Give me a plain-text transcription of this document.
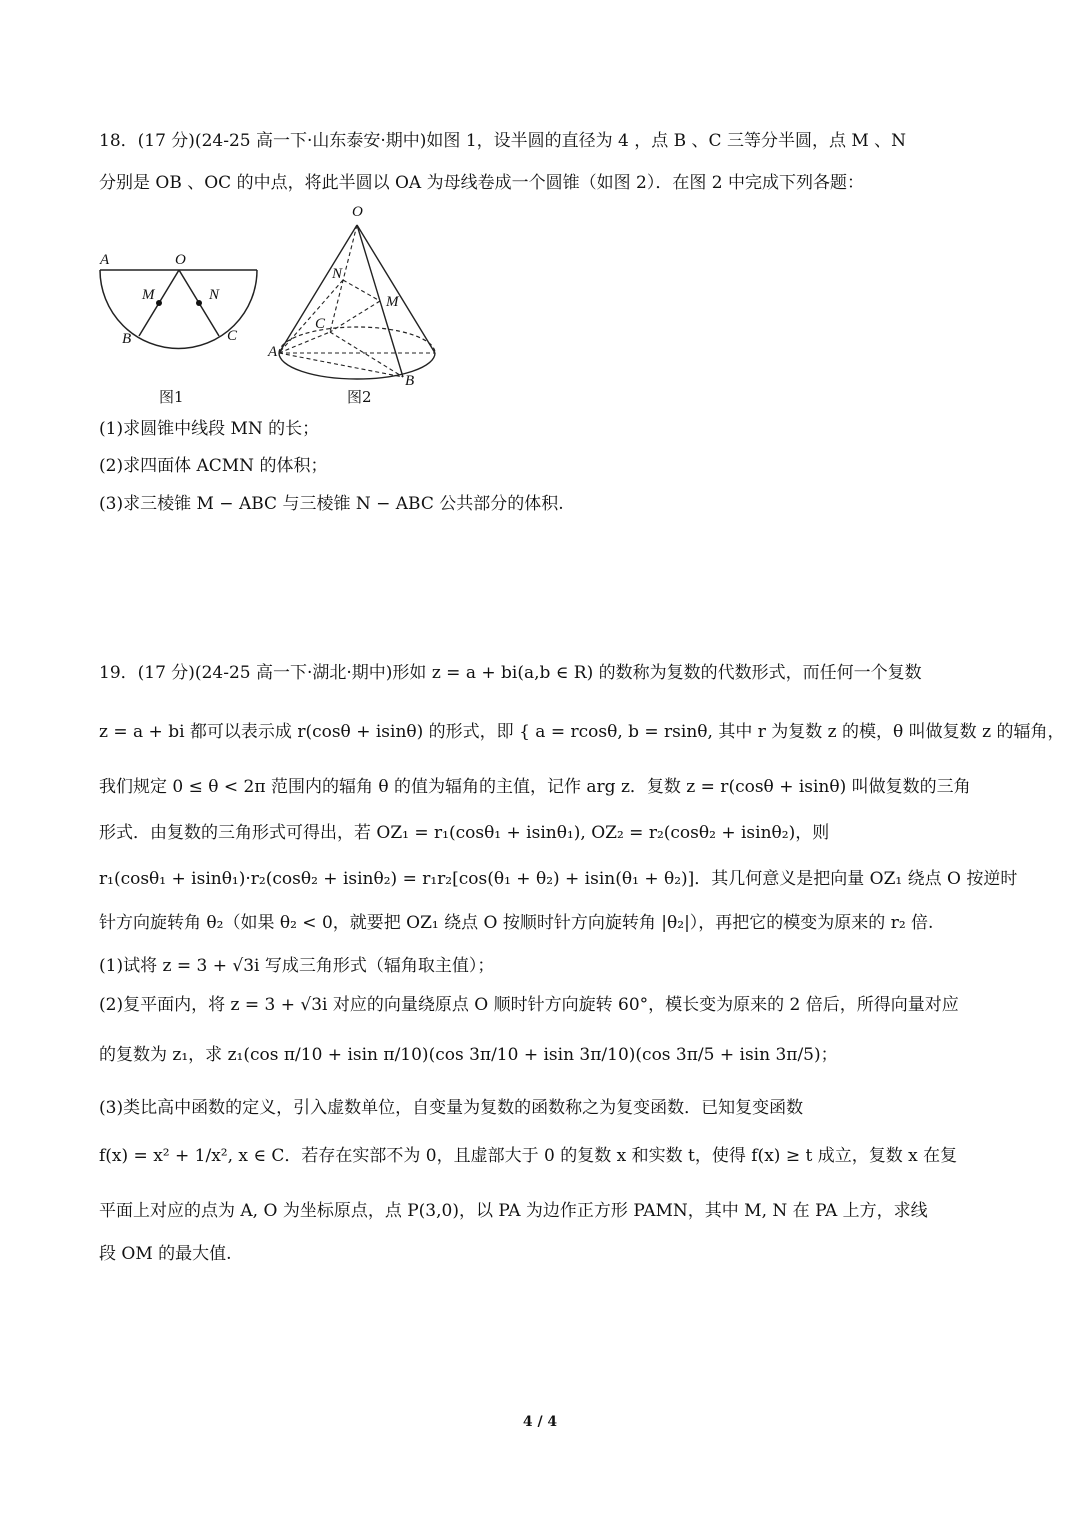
18．(17 分)(24-25 高一下·山东泰安·期中)如图 1，设半圆的直径为 4 ，点 B 、C 三等分半圆，点 M 、N
分别是 OB 、OC 的中点，将此半圆以 OA 为母线卷成一个圆锥（如图 2）．在图 2 中完成下列各题：
A	O
M	N
B	C
图1
O
N
M
C
A
B
图2
(1)求圆锥中线段 MN 的长；
(2)求四面体 ACMN 的体积；
(3)求三棱锥 M − ABC 与三棱锥 N − ABC 公共部分的体积.
19．(17 分)(24-25 高一下·湖北·期中)形如 z = a + bi(a,b ∈ R) 的数称为复数的代数形式，而任何一个复数
z = a + bi 都可以表示成 r(cosθ + isinθ) 的形式，即 { a = rcosθ, b = rsinθ, 其中 r 为复数 z 的模，θ 叫做复数 z 的辐角，
我们规定 0 ≤ θ < 2π 范围内的辐角 θ 的值为辐角的主值，记作 arg z．复数 z = r(cosθ + isinθ) 叫做复数的三角
形式．由复数的三角形式可得出，若 OZ₁ = r₁(cosθ₁ + isinθ₁), OZ₂ = r₂(cosθ₂ + isinθ₂)，则
r₁(cosθ₁ + isinθ₁)·r₂(cosθ₂ + isinθ₂) = r₁r₂[cos(θ₁ + θ₂) + isin(θ₁ + θ₂)]．其几何意义是把向量 OZ₁ 绕点 O 按逆时
针方向旋转角 θ₂（如果 θ₂ < 0，就要把 OZ₁ 绕点 O 按顺时针方向旋转角 |θ₂|），再把它的模变为原来的 r₂ 倍.
(1)试将 z = 3 + √3i 写成三角形式（辐角取主值）；
(2)复平面内，将 z = 3 + √3i 对应的向量绕原点 O 顺时针方向旋转 60°，模长变为原来的 2 倍后，所得向量对应
的复数为 z₁，求 z₁(cos π/10 + isin π/10)(cos 3π/10 + isin 3π/10)(cos 3π/5 + isin 3π/5)；
(3)类比高中函数的定义，引入虚数单位，自变量为复数的函数称之为复变函数．已知复变函数
f(x) = x² + 1/x², x ∈ C．若存在实部不为 0，且虚部大于 0 的复数 x 和实数 t，使得 f(x) ≥ t 成立，复数 x 在复
平面上对应的点为 A, O 为坐标原点，点 P(3,0)，以 PA 为边作正方形 PAMN，其中 M, N 在 PA 上方，求线
段 OM 的最大值.
4 / 4
